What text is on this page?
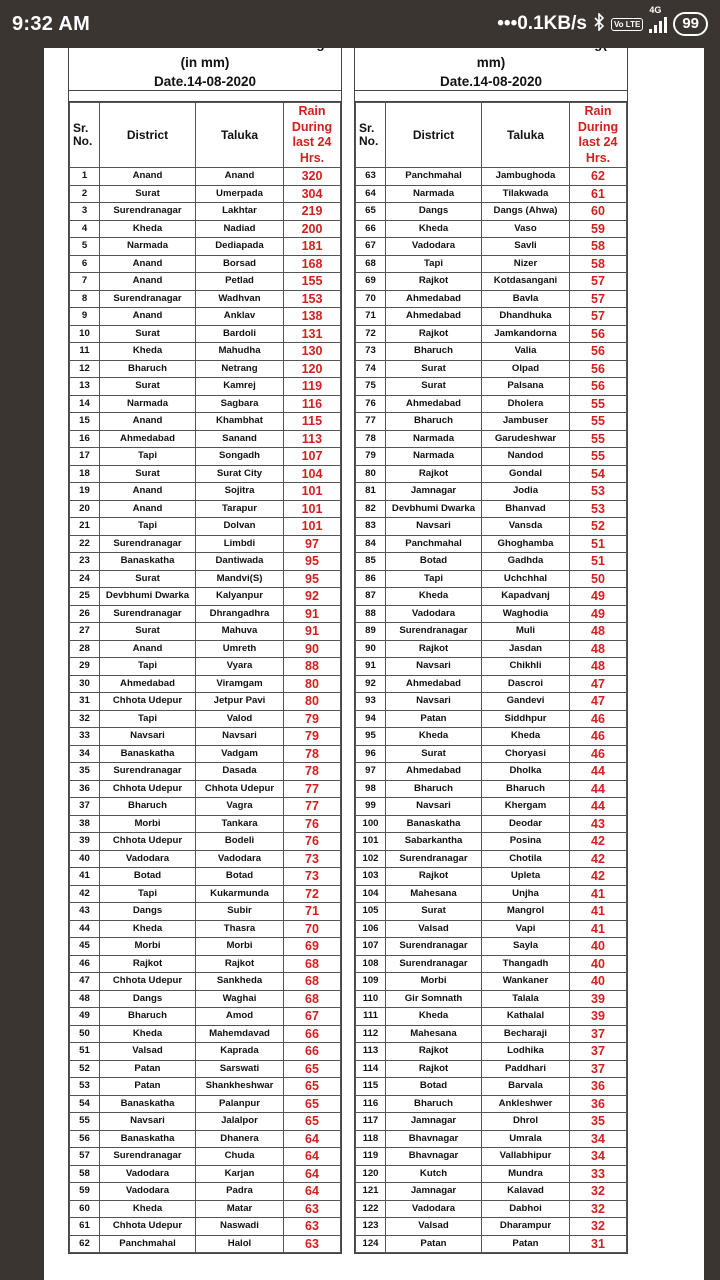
9:32 AM	•••0.1KB/s	Vo LTE
4G
99

(in mm)
Date.14-08-2020
Sr.
No.	District	Taluka	Rain
During
last 24
Hrs.
1	Anand	Anand	320
2	Surat	Umerpada	304
3	Surendranagar	Lakhtar	219
4	Kheda	Nadiad	200
5	Narmada	Dediapada	181
6	Anand	Borsad	168
7	Anand	Petlad	155
8	Surendranagar	Wadhvan	153
9	Anand	Anklav	138
10	Surat	Bardoli	131
11	Kheda	Mahudha	130
12	Bharuch	Netrang	120
13	Surat	Kamrej	119
14	Narmada	Sagbara	116
15	Anand	Khambhat	115
16	Ahmedabad	Sanand	113
17	Tapi	Songadh	107
18	Surat	Surat City	104
19	Anand	Sojitra	101
20	Anand	Tarapur	101
21	Tapi	Dolvan	101
22	Surendranagar	Limbdi	97
23	Banaskatha	Dantiwada	95
24	Surat	Mandvi(S)	95
25	Devbhumi Dwarka	Kalyanpur	92
26	Surendranagar	Dhrangadhra	91
27	Surat	Mahuva	91
28	Anand	Umreth	90
29	Tapi	Vyara	88
30	Ahmedabad	Viramgam	80
31	Chhota Udepur	Jetpur Pavi	80
32	Tapi	Valod	79
33	Navsari	Navsari	79
34	Banaskatha	Vadgam	78
35	Surendranagar	Dasada	78
36	Chhota Udepur	Chhota Udepur	77
37	Bharuch	Vagra	77
38	Morbi	Tankara	76
39	Chhota Udepur	Bodeli	76
40	Vadodara	Vadodara	73
41	Botad	Botad	73
42	Tapi	Kukarmunda	72
43	Dangs	Subir	71
44	Kheda	Thasra	70
45	Morbi	Morbi	69
46	Rajkot	Rajkot	68
47	Chhota Udepur	Sankheda	68
48	Dangs	Waghai	68
49	Bharuch	Amod	67
50	Kheda	Mahemdavad	66
51	Valsad	Kaprada	66
52	Patan	Sarswati	65
53	Patan	Shankheshwar	65
54	Banaskatha	Palanpur	65
55	Navsari	Jalalpor	65
56	Banaskatha	Dhanera	64
57	Surendranagar	Chuda	64
58	Vadodara	Karjan	64
59	Vadodara	Padra	64
60	Kheda	Matar	63
61	Chhota Udepur	Naswadi	63
62	Panchmahal	Halol	63

mm)
Date.14-08-2020
Sr.
No.	District	Taluka	Rain
During
last 24
Hrs.
63	Panchmahal	Jambughoda	62
64	Narmada	Tilakwada	61
65	Dangs	Dangs (Ahwa)	60
66	Kheda	Vaso	59
67	Vadodara	Savli	58
68	Tapi	Nizer	58
69	Rajkot	Kotdasangani	57
70	Ahmedabad	Bavla	57
71	Ahmedabad	Dhandhuka	57
72	Rajkot	Jamkandorna	56
73	Bharuch	Valia	56
74	Surat	Olpad	56
75	Surat	Palsana	56
76	Ahmedabad	Dholera	55
77	Bharuch	Jambuser	55
78	Narmada	Garudeshwar	55
79	Narmada	Nandod	55
80	Rajkot	Gondal	54
81	Jamnagar	Jodia	53
82	Devbhumi Dwarka	Bhanvad	53
83	Navsari	Vansda	52
84	Panchmahal	Ghoghamba	51
85	Botad	Gadhda	51
86	Tapi	Uchchhal	50
87	Kheda	Kapadvanj	49
88	Vadodara	Waghodia	49
89	Surendranagar	Muli	48
90	Rajkot	Jasdan	48
91	Navsari	Chikhli	48
92	Ahmedabad	Dascroi	47
93	Navsari	Gandevi	47
94	Patan	Siddhpur	46
95	Kheda	Kheda	46
96	Surat	Choryasi	46
97	Ahmedabad	Dholka	44
98	Bharuch	Bharuch	44
99	Navsari	Khergam	44
100	Banaskatha	Deodar	43
101	Sabarkantha	Posina	42
102	Surendranagar	Chotila	42
103	Rajkot	Upleta	42
104	Mahesana	Unjha	41
105	Surat	Mangrol	41
106	Valsad	Vapi	41
107	Surendranagar	Sayla	40
108	Surendranagar	Thangadh	40
109	Morbi	Wankaner	40
110	Gir Somnath	Talala	39
111	Kheda	Kathalal	39
112	Mahesana	Becharaji	37
113	Rajkot	Lodhika	37
114	Rajkot	Paddhari	37
115	Botad	Barvala	36
116	Bharuch	Ankleshwer	36
117	Jamnagar	Dhrol	35
118	Bhavnagar	Umrala	34
119	Bhavnagar	Vallabhipur	34
120	Kutch	Mundra	33
121	Jamnagar	Kalavad	32
122	Vadodara	Dabhoi	32
123	Valsad	Dharampur	32
124	Patan	Patan	31
